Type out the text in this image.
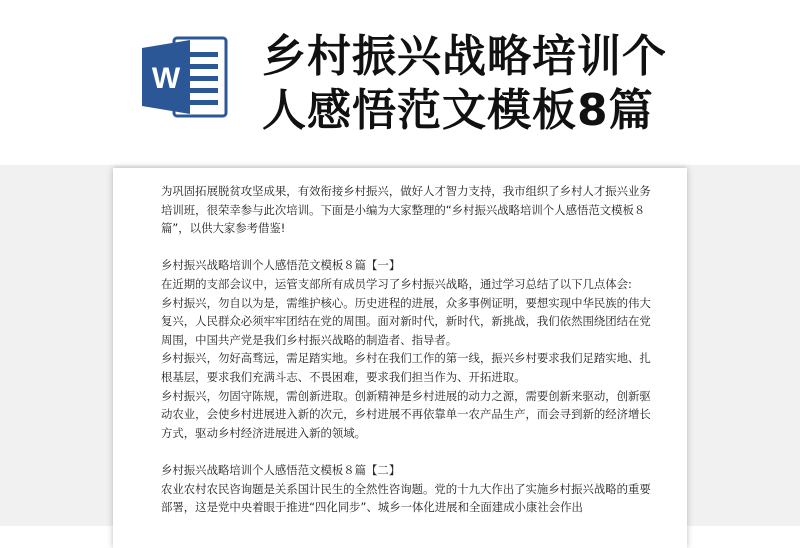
W 乡村振兴战略培训个
人感悟范文模板8篇

为巩固拓展脱贫攻坚成果，有效衔接乡村振兴，做好人才智力支持，我市组织了乡村人才振兴业务培训班，很荣幸参与此次培训。下面是小编为大家整理的“乡村振兴战略培训个人感悟范文模板８篇”，以供大家参考借鉴!

乡村振兴战略培训个人感悟范文模板８篇【一】

在近期的支部会议中，运管支部所有成员学习了乡村振兴战略，通过学习总结了以下几点体会:

乡村振兴，勿自以为是，需维护核心。历史进程的进展，众多事例证明，要想实现中华民族的伟大复兴，人民群众必须牢牢团结在党的周围。面对新时代，新时代，新挑战，我们依然围绕团结在党周围，中国共产党是我们乡村振兴战略的制造者、指导者。

乡村振兴，勿好高骛远，需足踏实地。乡村在我们工作的第一线，振兴乡村要求我们足踏实地、扎根基层，要求我们充满斗志、不畏困难，要求我们担当作为、开拓进取。

乡村振兴，勿固守陈规，需创新进取。创新精神是乡村进展的动力之源，需要创新来驱动，创新驱动农业，会使乡村进展进入新的次元，乡村进展不再依靠单一农产品生产，而会寻到新的经济增长方式，驱动乡村经济进展进入新的领域。

乡村振兴战略培训个人感悟范文模板８篇【二】

农业农村农民咨询题是关系国计民生的全然性咨询题。党的十九大作出了实施乡村振兴战略的重要部署，这是党中央着眼于推进“四化同步”、城乡一体化进展和全面建成小康社会作出
